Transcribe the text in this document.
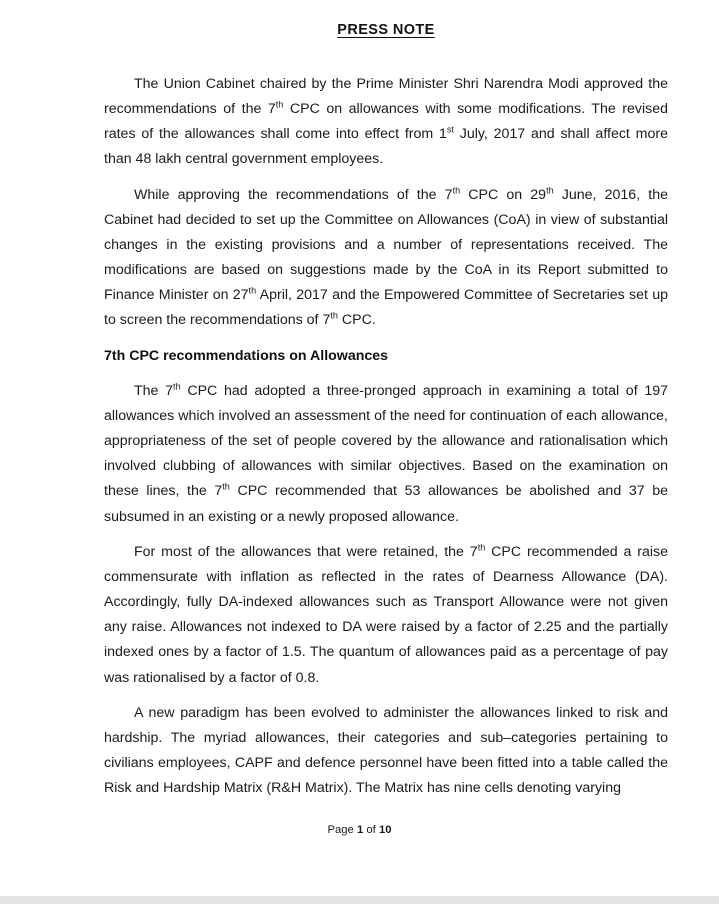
PRESS NOTE

The Union Cabinet chaired by the Prime Minister Shri Narendra Modi approved the recommendations of the 7th CPC on allowances with some modifications. The revised rates of the allowances shall come into effect from 1st July, 2017 and shall affect more than 48 lakh central government employees.

While approving the recommendations of the 7th CPC on 29th June, 2016, the Cabinet had decided to set up the Committee on Allowances (CoA) in view of substantial changes in the existing provisions and a number of representations received. The modifications are based on suggestions made by the CoA in its Report submitted to Finance Minister on 27th April, 2017 and the Empowered Committee of Secretaries set up to screen the recommendations of 7th CPC.

7th CPC recommendations on Allowances

The 7th CPC had adopted a three-pronged approach in examining a total of 197 allowances which involved an assessment of the need for continuation of each allowance, appropriateness of the set of people covered by the allowance and rationalisation which involved clubbing of allowances with similar objectives. Based on the examination on these lines, the 7th CPC recommended that 53 allowances be abolished and 37 be subsumed in an existing or a newly proposed allowance.

For most of the allowances that were retained, the 7th CPC recommended a raise commensurate with inflation as reflected in the rates of Dearness Allowance (DA). Accordingly, fully DA-indexed allowances such as Transport Allowance were not given any raise. Allowances not indexed to DA were raised by a factor of 2.25 and the partially indexed ones by a factor of 1.5. The quantum of allowances paid as a percentage of pay was rationalised by a factor of 0.8.

A new paradigm has been evolved to administer the allowances linked to risk and hardship. The myriad allowances, their categories and sub–categories pertaining to civilians employees, CAPF and defence personnel have been fitted into a table called the Risk and Hardship Matrix (R&H Matrix). The Matrix has nine cells denoting varying

Page 1 of 10
